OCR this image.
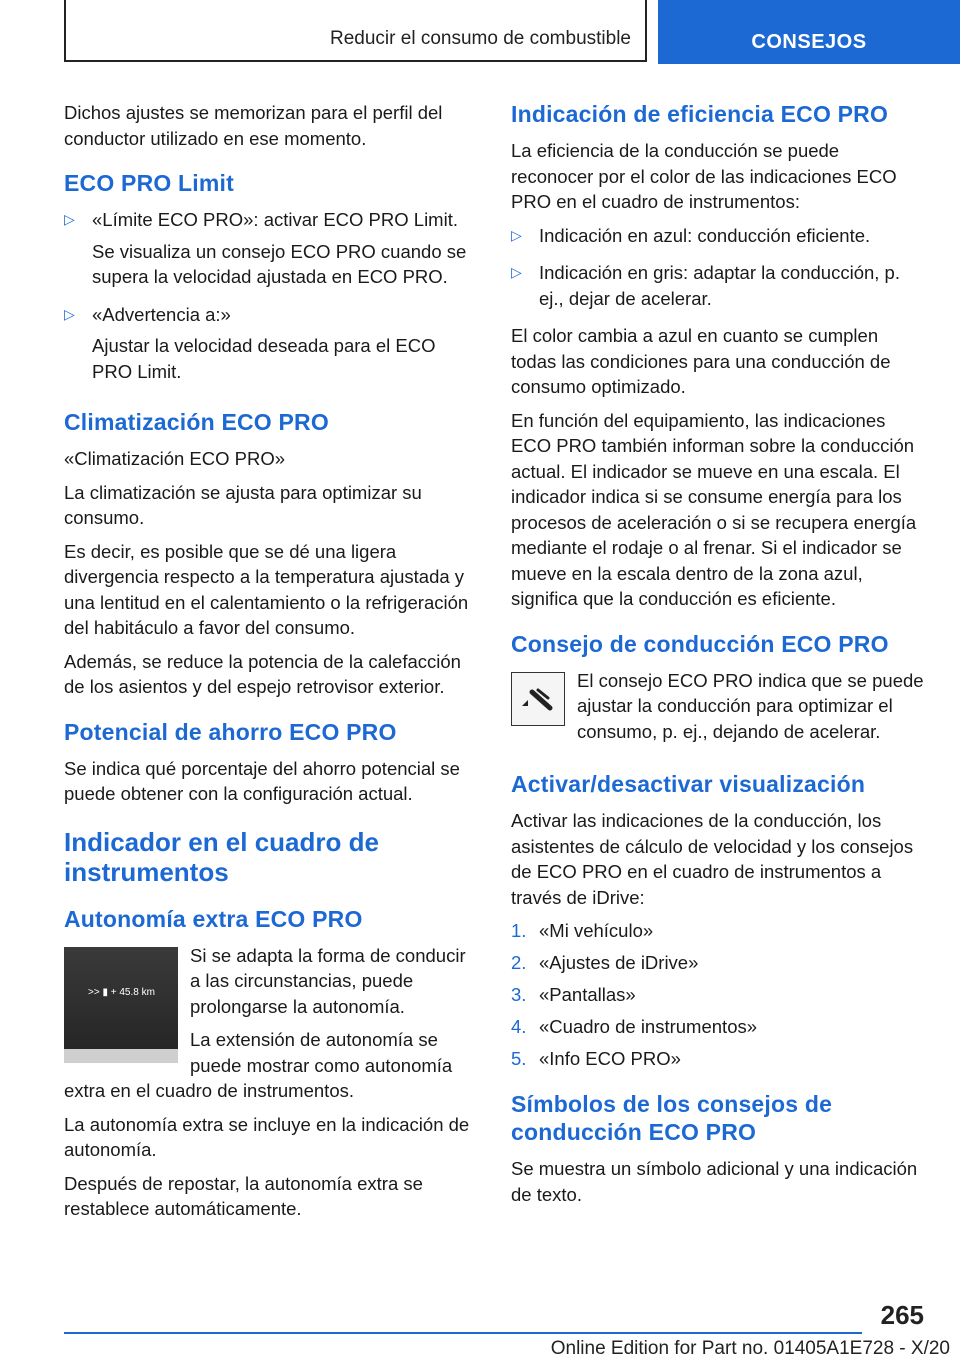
Reducir el consumo de combustible	CONSEJOS

Dichos ajustes se memorizan para el perfil del conductor utilizado en ese momento.

ECO PRO Limit
▷ «Límite ECO PRO»: activar ECO PRO Limit.

Se visualiza un consejo ECO PRO cuando se supera la velocidad ajustada en ECO PRO.

▷ «Advertencia a:»

Ajustar la velocidad deseada para el ECO PRO Limit.

Climatización ECO PRO

«Climatización ECO PRO»

La climatización se ajusta para optimizar su consumo.

Es decir, es posible que se dé una ligera divergencia respecto a la temperatura ajustada y una lentitud en el calentamiento o la refrigeración del habitáculo a favor del consumo.

Además, se reduce la potencia de la calefacción de los asientos y del espejo retrovisor exterior.

Potencial de ahorro ECO PRO

Se indica qué porcentaje del ahorro potencial se puede obtener con la configuración actual.

Indicador en el cuadro de instrumentos
Autonomía extra ECO PRO
>> ▮ + 45.8 km

Si se adapta la forma de conducir a las circunstancias, puede prolongarse la autonomía.

La extensión de autonomía se puede mostrar como autonomía extra en el cuadro de instrumentos.

La autonomía extra se incluye en la indicación de autonomía.

Después de repostar, la autonomía extra se restablece automáticamente.

Indicación de eficiencia ECO PRO

La eficiencia de la conducción se puede reconocer por el color de las indicaciones ECO PRO en el cuadro de instrumentos:

▷ Indicación en azul: conducción eficiente.

▷ Indicación en gris: adaptar la conducción, p. ej., dejar de acelerar.

El color cambia a azul en cuanto se cumplen todas las condiciones para una conducción de consumo optimizado.

En función del equipamiento, las indicaciones ECO PRO también informan sobre la conducción actual. El indicador se mueve en una escala. El indicador indica si se consume energía para los procesos de aceleración o si se recupera energía mediante el rodaje o al frenar. Si el indicador se mueve en la escala dentro de la zona azul, significa que la conducción es eficiente.

Consejo de conducción ECO PRO

El consejo ECO PRO indica que se puede ajustar la conducción para optimizar el consumo, p. ej., dejando de acelerar.

Activar/desactivar visualización

Activar las indicaciones de la conducción, los asistentes de cálculo de velocidad y los consejos de ECO PRO en el cuadro de instrumentos a través de iDrive:

1. «Mi vehículo»
2. «Ajustes de iDrive»
3. «Pantallas»
4. «Cuadro de instrumentos»
5. «Info ECO PRO»
Símbolos de los consejos de conducción ECO PRO

Se muestra un símbolo adicional y una indicación de texto.

265
Online Edition for Part no. 01405A1E728 - X/20
